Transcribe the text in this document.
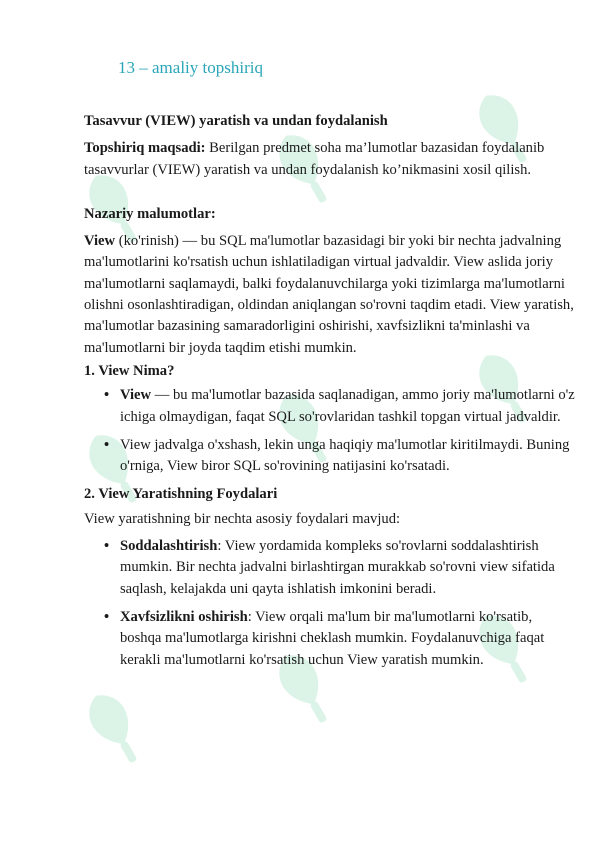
13 – amaliy topshiriq

Tasavvur (VIEW) yaratish va undan foydalanish

Topshiriq maqsadi: Berilgan predmet soha ma’lumotlar bazasidan foydalanib tasavvurlar (VIEW) yaratish va undan foydalanish ko’nikmasini xosil qilish.

Nazariy malumotlar:

View (ko'rinish) — bu SQL ma'lumotlar bazasidagi bir yoki bir nechta jadvalning ma'lumotlarini ko'rsatish uchun ishlatiladigan virtual jadvaldir. View aslida joriy ma'lumotlarni saqlamaydi, balki foydalanuvchilarga yoki tizimlarga ma'lumotlarni olishni osonlashtiradigan, oldindan aniqlangan so'rovni taqdim etadi. View yaratish, ma'lumotlar bazasining samaradorligini oshirishi, xavfsizlikni ta'minlashi va ma'lumotlarni bir joyda taqdim etishi mumkin.

1. View Nima?
• View — bu ma'lumotlar bazasida saqlanadigan, ammo joriy ma'lumotlarni o'z ichiga olmaydigan, faqat SQL so'rovlaridan tashkil topgan virtual jadvaldir.
• View jadvalga o'xshash, lekin unga haqiqiy ma'lumotlar kiritilmaydi. Buning o'rniga, View biror SQL so'rovining natijasini ko'rsatadi.
2. View Yaratishning Foydalari

View yaratishning bir nechta asosiy foydalari mavjud:

• Soddalashtirish: View yordamida kompleks so'rovlarni soddalashtirish mumkin. Bir nechta jadvalni birlashtirgan murakkab so'rovni view sifatida saqlash, kelajakda uni qayta ishlatish imkonini beradi.
• Xavfsizlikni oshirish: View orqali ma'lum bir ma'lumotlarni ko'rsatib, boshqa ma'lumotlarga kirishni cheklash mumkin. Foydalanuvchiga faqat kerakli ma'lumotlarni ko'rsatish uchun View yaratish mumkin.
